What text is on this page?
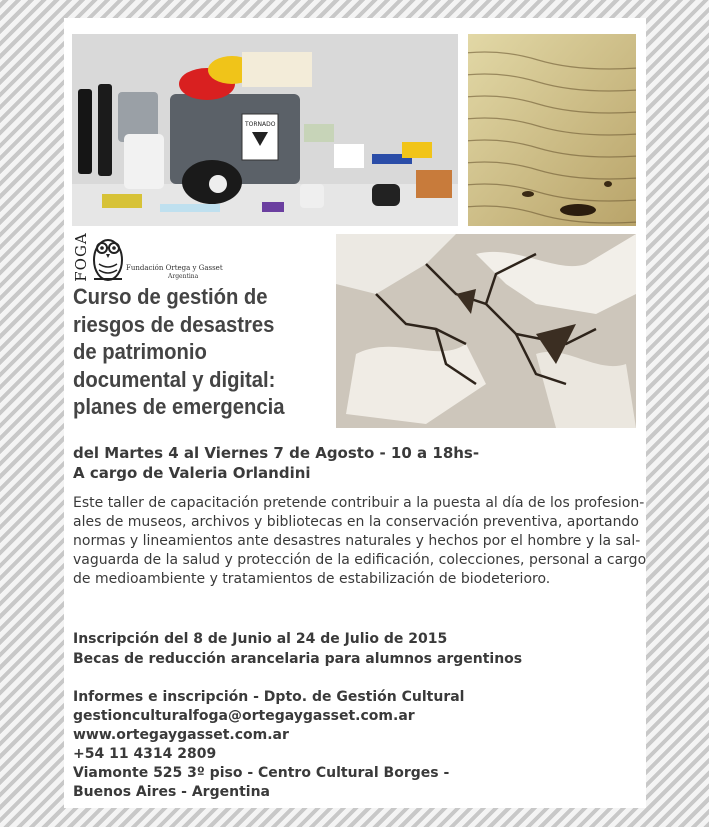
TORNADO
FOGA	Fundación Ortega y Gasset
Argentina
Curso de gestión de
riesgos de desastres
de patrimonio
documental y digital:
planes de emergencia
del Martes 4 al Viernes 7 de Agosto - 10 a 18hs-
A cargo de Valeria Orlandini
Este taller de capacitación pretende contribuir a la puesta al día de los profesion-
ales de museos, archivos y bibliotecas en la conservación preventiva, aportando
normas y lineamientos ante desastres naturales y hechos por el hombre y la sal-
vaguarda de la salud y protección de la edificación, colecciones, personal a cargo
de medioambiente y tratamientos de estabilización de biodeterioro.
Inscripción del 8 de Junio al 24 de Julio de 2015
Becas de reducción arancelaria para alumnos argentinos
Informes e inscripción - Dpto. de Gestión Cultural
gestionculturalfoga@ortegaygasset.com.ar
www.ortegaygasset.com.ar
+54 11 4314 2809
Viamonte 525 3º piso - Centro Cultural Borges -
Buenos Aires - Argentina
